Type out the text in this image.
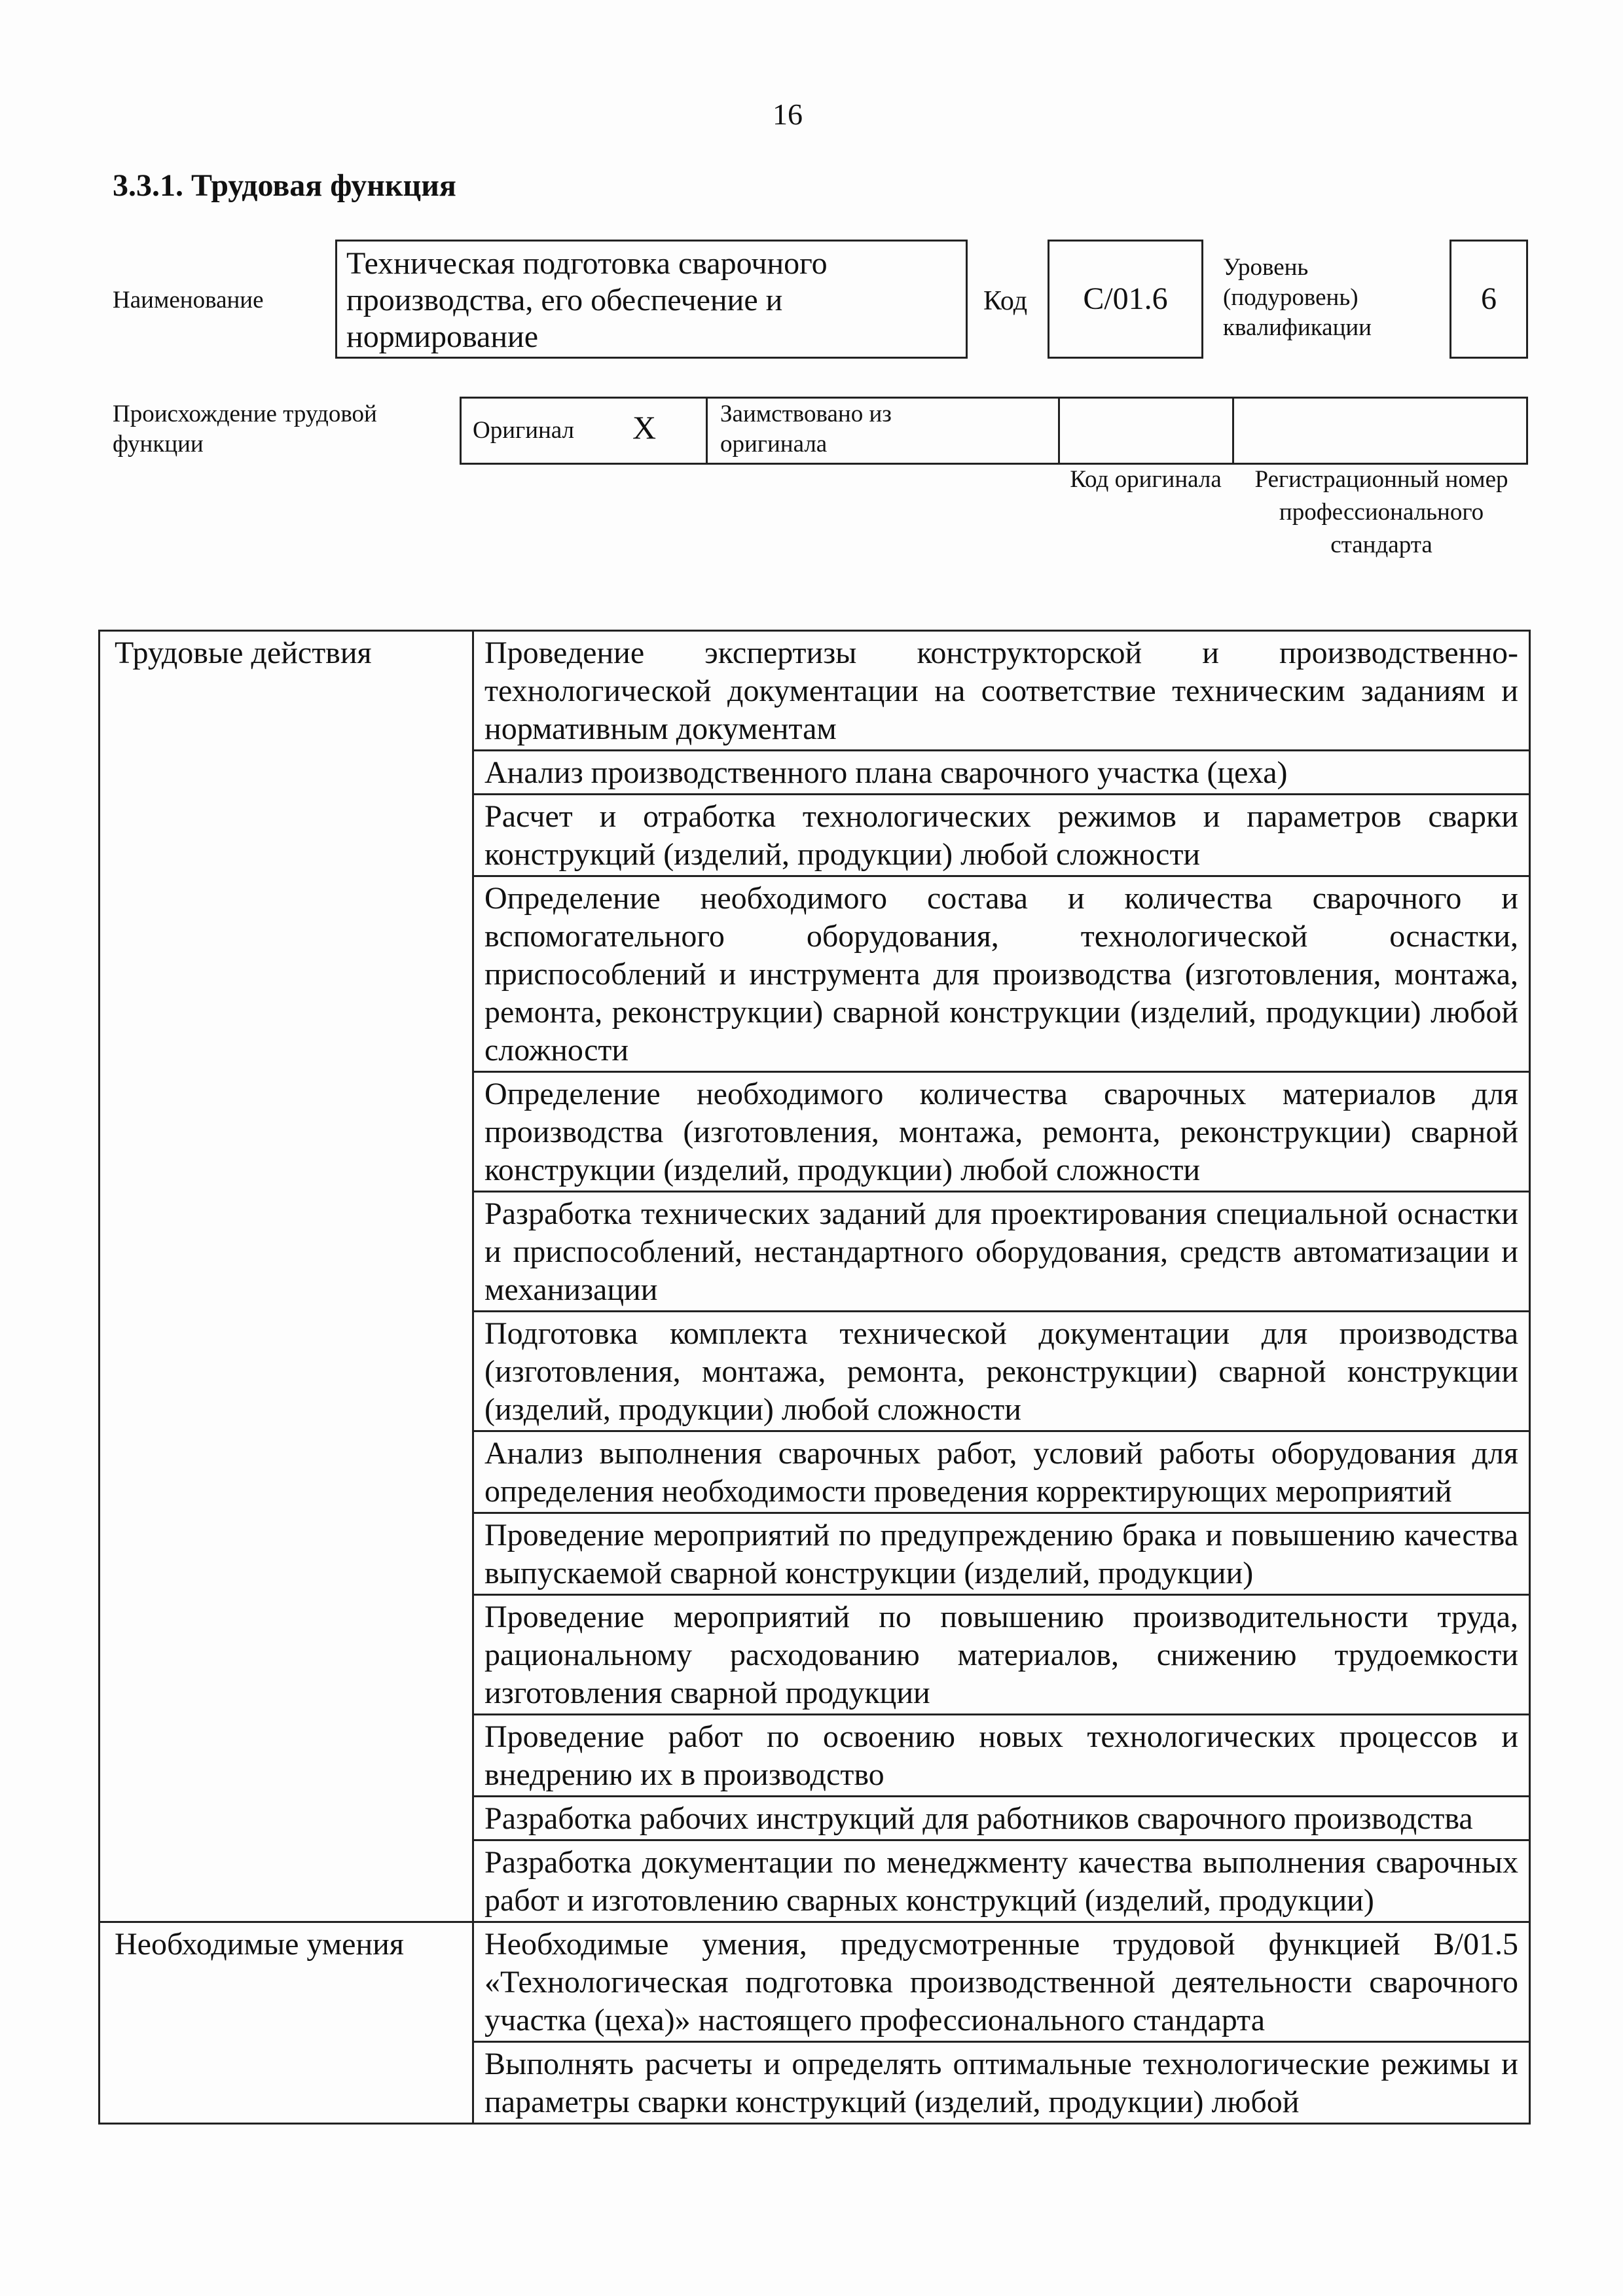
16
3.3.1. Трудовая функция
Наименование
Техническая подготовка сварочного производства, его обеспечение и нормирование
Код C/01.6
Уровень (подуровень) квалификации
6
Происхождение трудовой функции
Оригинал X	Заимствовано из оригинала
Код оригинала	Регистрационный номер профессионального стандарта
Трудовые действия	Проведение экспертизы конструкторской и производственно-технологической документации на соответствие техническим заданиям и нормативным документам
	Анализ производственного плана сварочного участка (цеха)
	Расчет и отработка технологических режимов и параметров сварки конструкций (изделий, продукции) любой сложности
	Определение необходимого состава и количества сварочного и вспомогательного оборудования, технологической оснастки, приспособлений и инструмента для производства (изготовления, монтажа, ремонта, реконструкции) сварной конструкции (изделий, продукции) любой сложности
	Определение необходимого количества сварочных материалов для производства (изготовления, монтажа, ремонта, реконструкции) сварной конструкции (изделий, продукции) любой сложности
	Разработка технических заданий для проектирования специальной оснастки и приспособлений, нестандартного оборудования, средств автоматизации и механизации
	Подготовка комплекта технической документации для производства (изготовления, монтажа, ремонта, реконструкции) сварной конструкции (изделий, продукции) любой сложности
	Анализ выполнения сварочных работ, условий работы оборудования для определения необходимости проведения корректирующих мероприятий
	Проведение мероприятий по предупреждению брака и повышению качества выпускаемой сварной конструкции (изделий, продукции)
	Проведение мероприятий по повышению производительности труда, рациональному расходованию материалов, снижению трудоемкости изготовления сварной продукции
	Проведение работ по освоению новых технологических процессов и внедрению их в производство
	Разработка рабочих инструкций для работников сварочного производства
	Разработка документации по менеджменту качества выполнения сварочных работ и изготовлению сварных конструкций (изделий, продукции)
Необходимые умения	Необходимые умения, предусмотренные трудовой функцией B/01.5 «Технологическая подготовка производственной деятельности сварочного участка (цеха)» настоящего профессионального стандарта
	Выполнять расчеты и определять оптимальные технологические режимы и параметры сварки конструкций (изделий, продукции) любой
